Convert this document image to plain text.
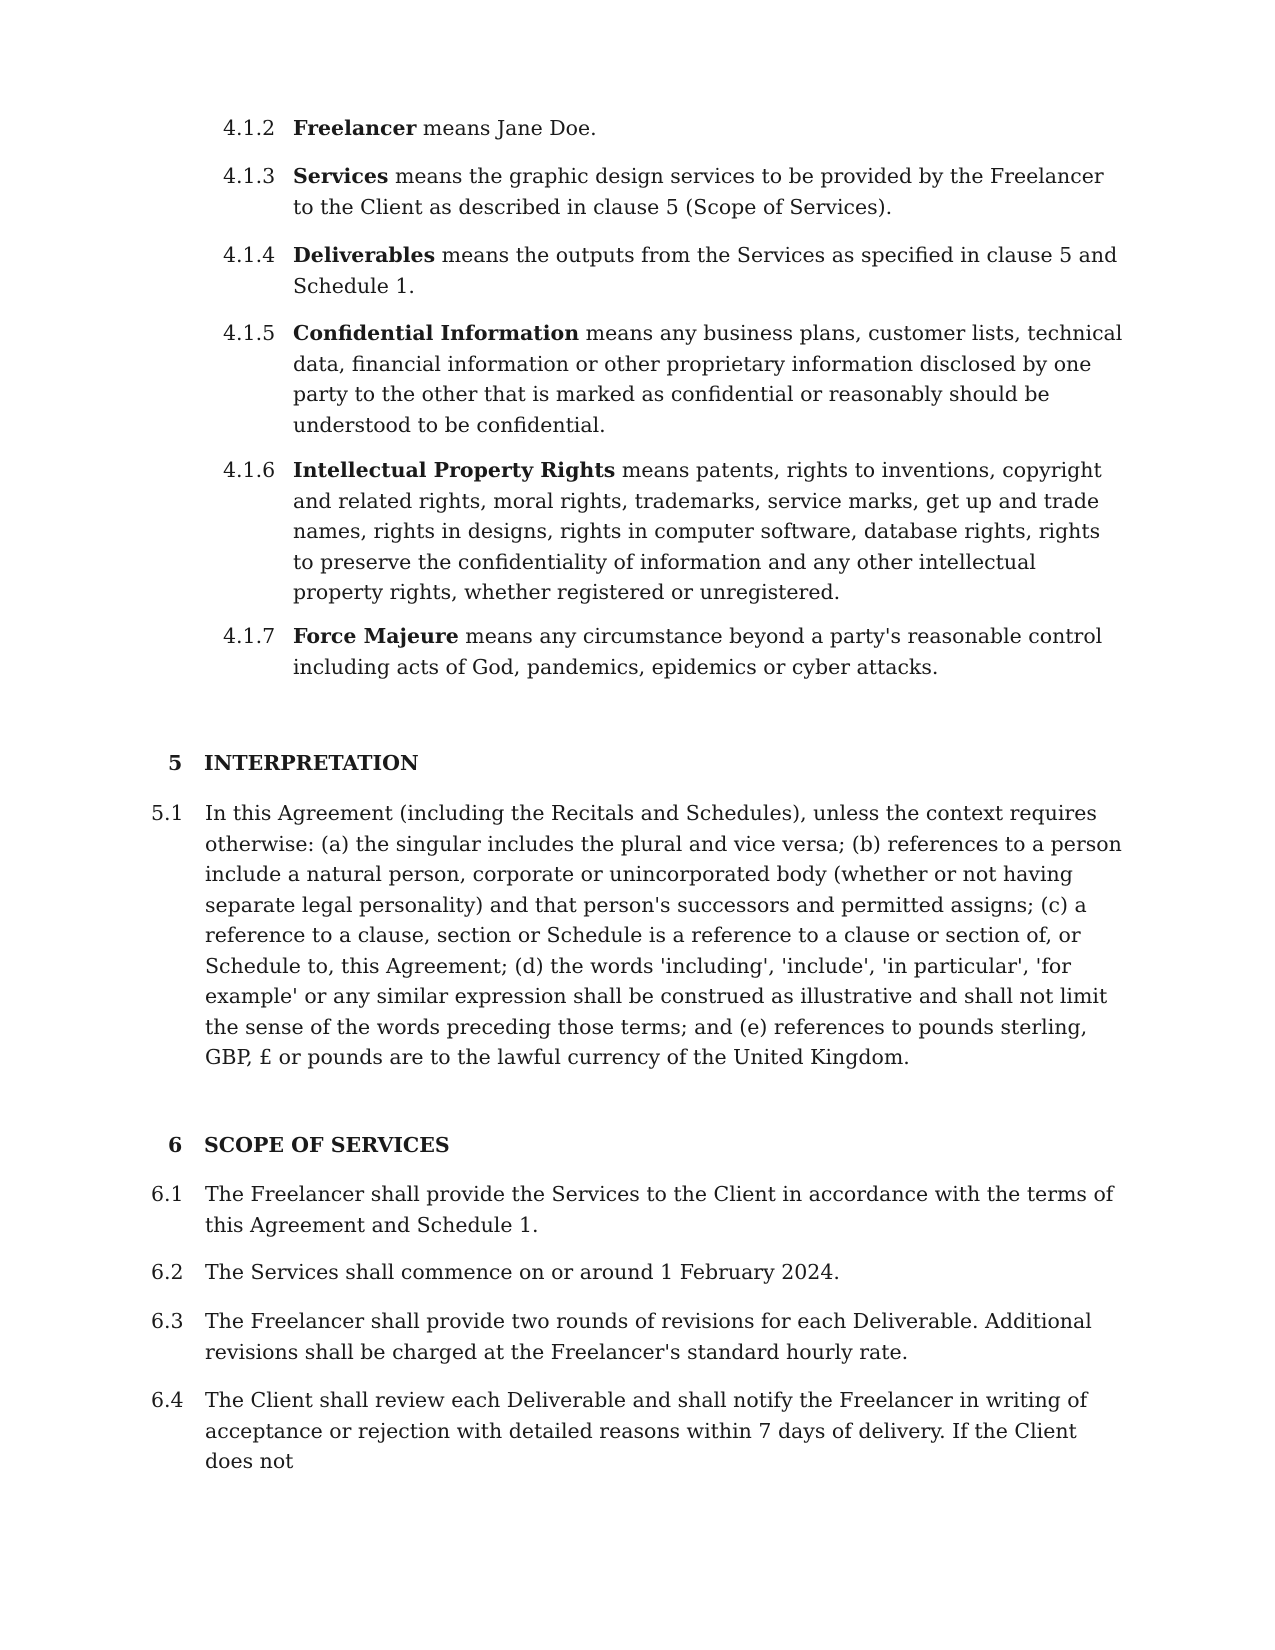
4.1.2 Freelancer means Jane Doe.
4.1.3 Services means the graphic design services to be provided by the Freelancer to the Client as described in clause 5 (Scope of Services).
4.1.4 Deliverables means the outputs from the Services as specified in clause 5 and Schedule 1.
4.1.5 Confidential Information means any business plans, customer lists, technical data, financial information or other proprietary information disclosed by one party to the other that is marked as confidential or reasonably should be understood to be confidential.
4.1.6 Intellectual Property Rights means patents, rights to inventions, copyright and related rights, moral rights, trademarks, service marks, get up and trade names, rights in designs, rights in computer software, database rights, rights to preserve the confidentiality of information and any other intellectual property rights, whether registered or unregistered.
4.1.7 Force Majeure means any circumstance beyond a party's reasonable control including acts of God, pandemics, epidemics or cyber attacks.
5 INTERPRETATION
5.1	In this Agreement (including the Recitals and Schedules), unless the context requires otherwise: (a) the singular includes the plural and vice versa; (b) references to a person include a natural person, corporate or unincorporated body (whether or not having separate legal personality) and that person's successors and permitted assigns; (c) a reference to a clause, section or Schedule is a reference to a clause or section of, or Schedule to, this Agreement; (d) the words 'including', 'include', 'in particular', 'for example' or any similar expression shall be construed as illustrative and shall not limit the sense of the words preceding those terms; and (e) references to pounds sterling, GBP, £ or pounds are to the lawful currency of the United Kingdom.
6 SCOPE OF SERVICES
6.1	The Freelancer shall provide the Services to the Client in accordance with the terms of this Agreement and Schedule 1.
6.2	The Services shall commence on or around 1 February 2024.
6.3	The Freelancer shall provide two rounds of revisions for each Deliverable. Additional revisions shall be charged at the Freelancer's standard hourly rate.
6.4	The Client shall review each Deliverable and shall notify the Freelancer in writing of acceptance or rejection with detailed reasons within 7 days of delivery. If the Client does not
